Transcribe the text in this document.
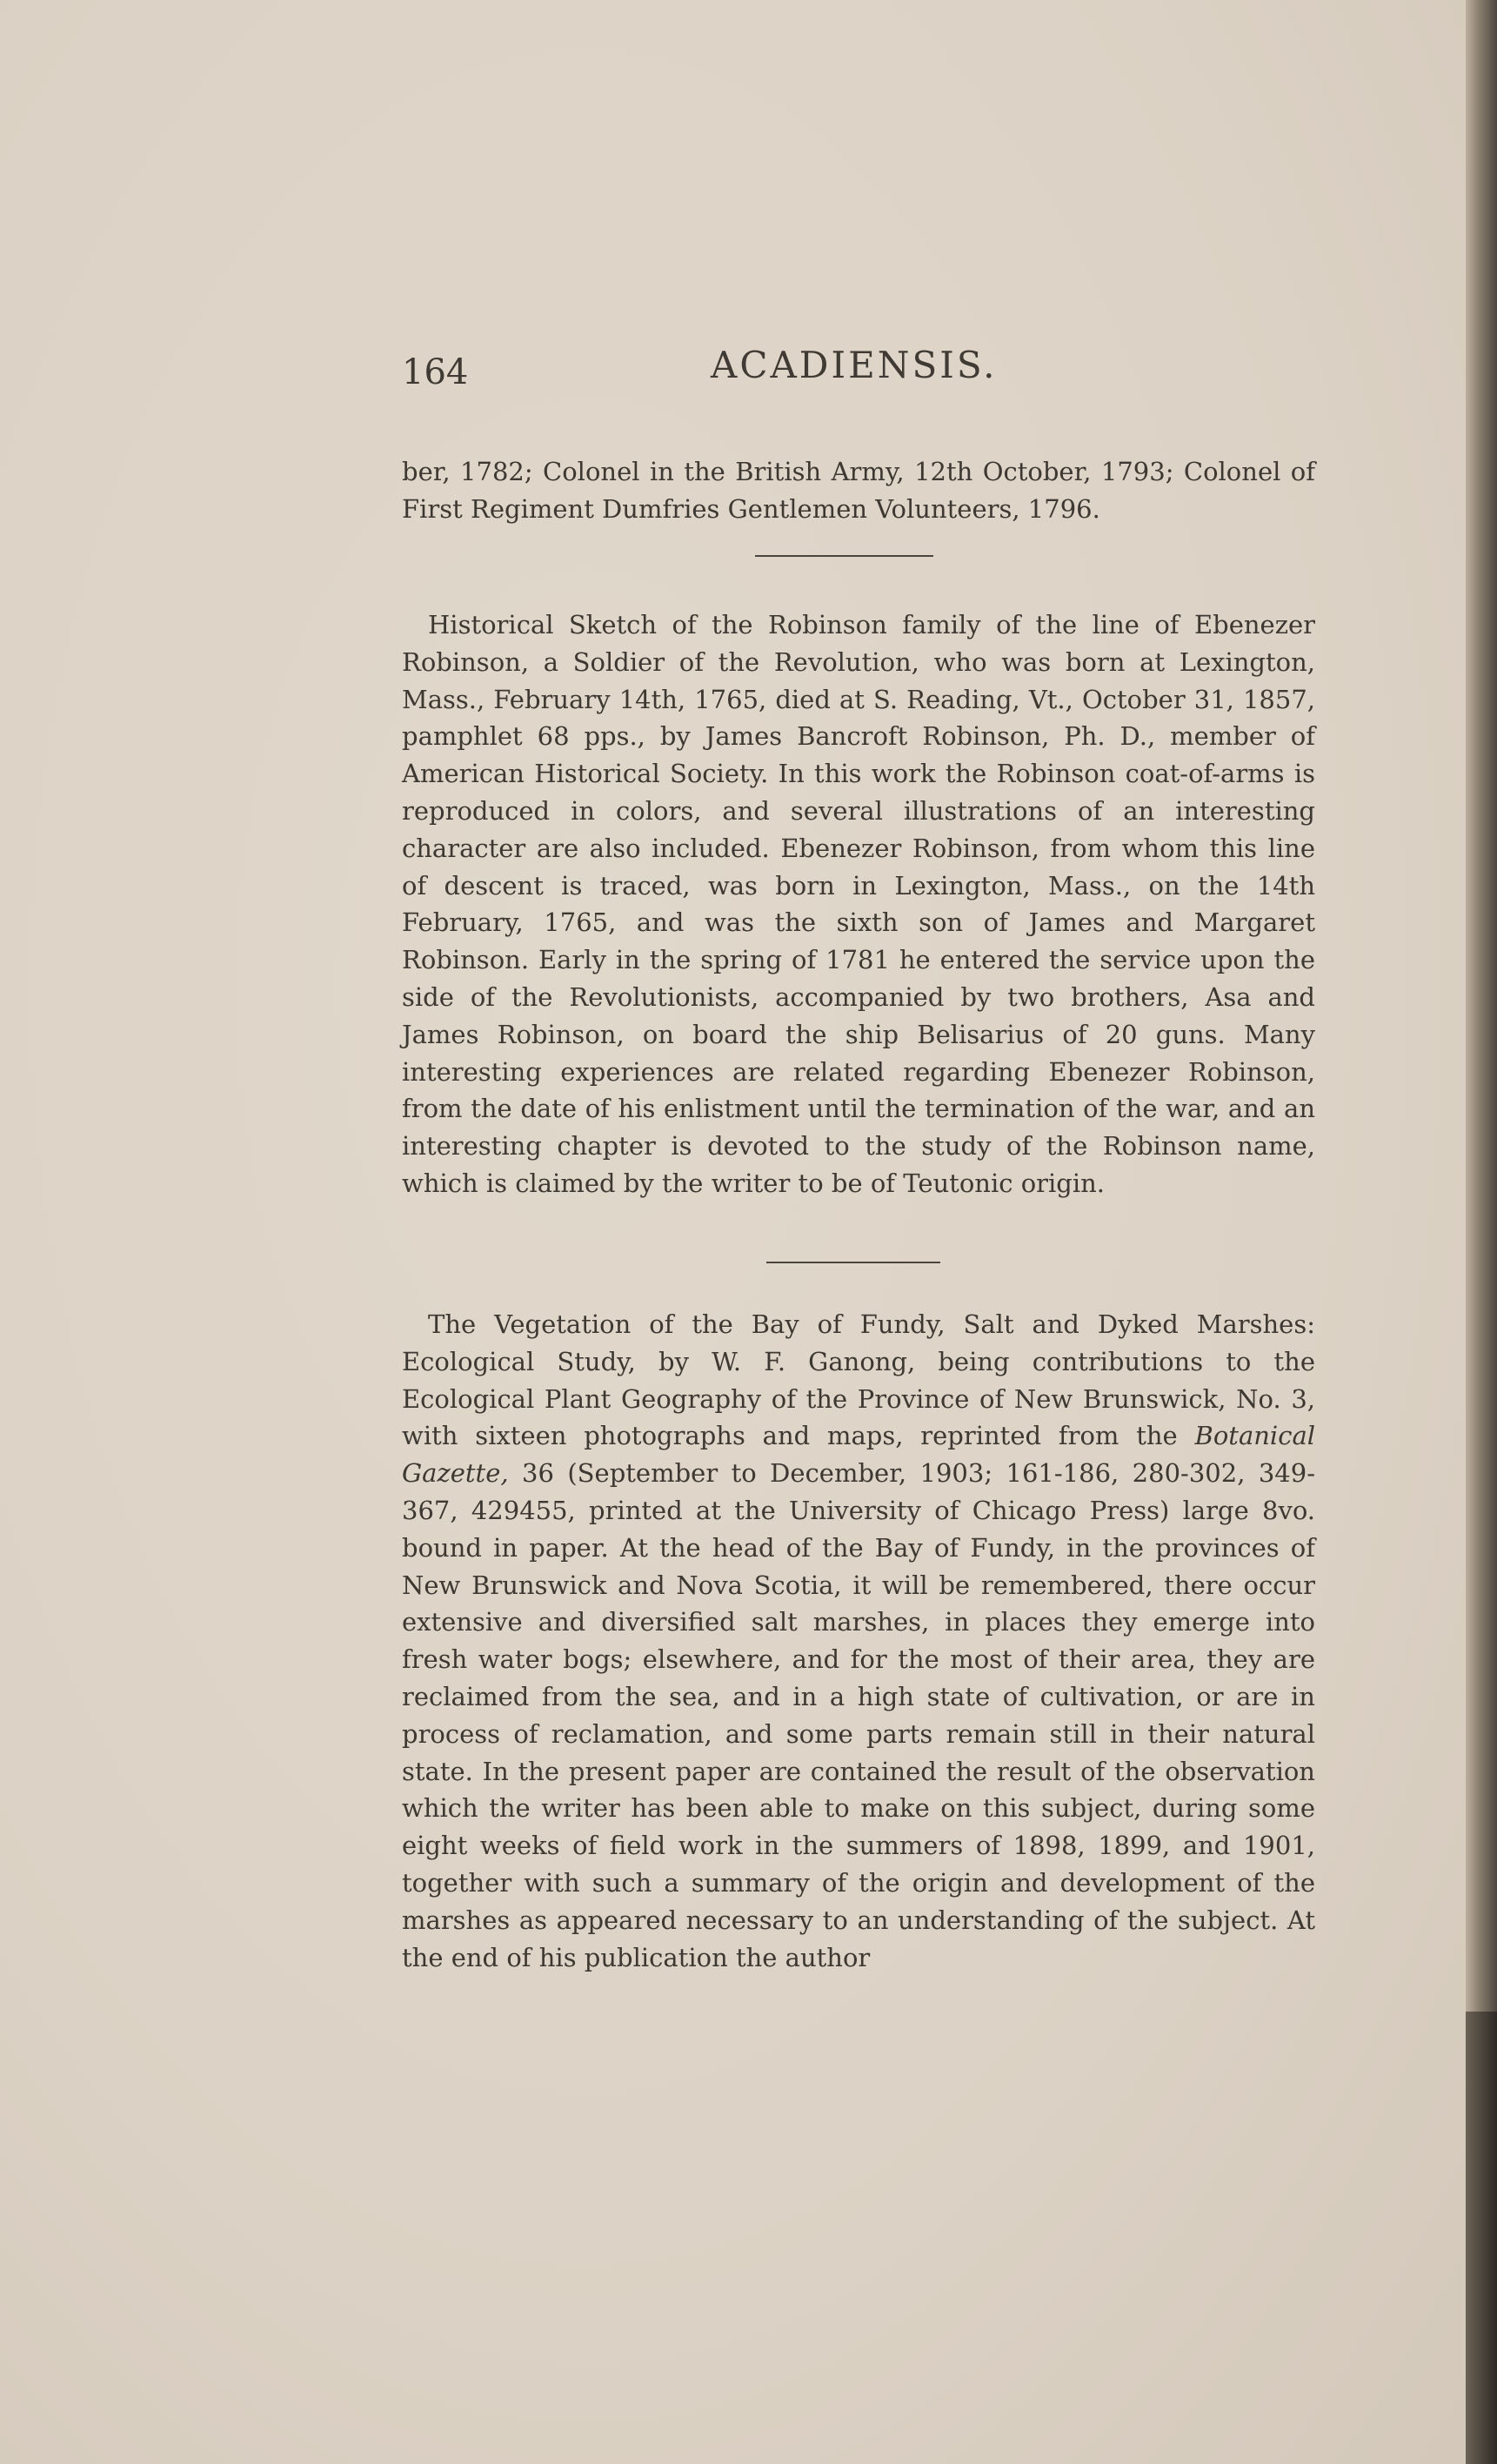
164	ACADIENSIS.

ber, 1782; Colonel in the British Army, 12th October, 1793; Colonel of First Regiment Dumfries Gentlemen Volunteers, 1796.

Historical Sketch of the Robinson family of the line of Ebenezer Robinson, a Soldier of the Revolution, who was born at Lexington, Mass., February 14th, 1765, died at S. Reading, Vt., October 31, 1857, pamphlet 68 pps., by James Bancroft Robinson, Ph. D., member of American Historical Society. In this work the Robinson coat-of-arms is reproduced in colors, and several illustrations of an interesting character are also included. Ebenezer Robinson, from whom this line of descent is traced, was born in Lexington, Mass., on the 14th February, 1765, and was the sixth son of James and Margaret Robinson. Early in the spring of 1781 he entered the service upon the side of the Revolutionists, accompanied by two brothers, Asa and James Robinson, on board the ship Belisarius of 20 guns. Many interesting experiences are related regarding Ebenezer Robinson, from the date of his enlistment until the termination of the war, and an interesting chapter is devoted to the study of the Robinson name, which is claimed by the writer to be of Teutonic origin.

The Vegetation of the Bay of Fundy, Salt and Dyked Marshes: Ecological Study, by W. F. Ganong, being contributions to the Ecological Plant Geography of the Province of New Brunswick, No. 3, with sixteen photographs and maps, reprinted from the Botanical Gazette, 36 (September to December, 1903; 161-186, 280-302, 349-367, 429455, printed at the University of Chicago Press) large 8vo. bound in paper. At the head of the Bay of Fundy, in the provinces of New Brunswick and Nova Scotia, it will be remembered, there occur extensive and diversified salt marshes, in places they emerge into fresh water bogs; elsewhere, and for the most of their area, they are reclaimed from the sea, and in a high state of cultivation, or are in process of reclamation, and some parts remain still in their natural state. In the present paper are contained the result of the observation which the writer has been able to make on this subject, during some eight weeks of field work in the summers of 1898, 1899, and 1901, together with such a summary of the origin and development of the marshes as appeared necessary to an understanding of the subject. At the end of his publication the author
